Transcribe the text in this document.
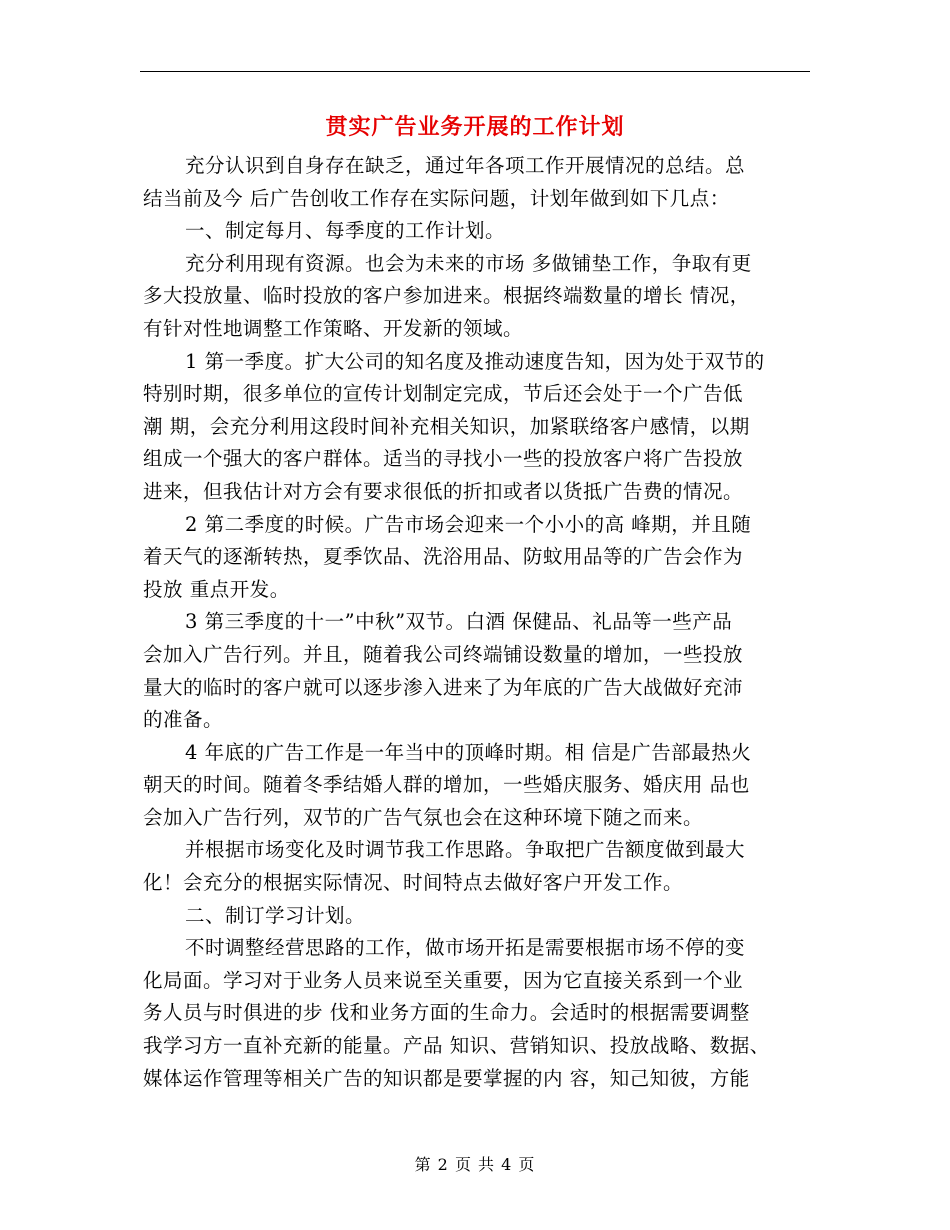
贯实广告业务开展的工作计划
充分认识到自身存在缺乏，通过年各项工作开展情况的总结。总
结当前及今 后广告创收工作存在实际问题，计划年做到如下几点：
一、制定每月、每季度的工作计划。
充分利用现有资源。也会为未来的市场 多做铺垫工作，争取有更
多大投放量、临时投放的客户参加进来。根据终端数量的增长 情况，
有针对性地调整工作策略、开发新的领域。
1 第一季度。扩大公司的知名度及推动速度告知，因为处于双节的
特别时期，很多单位的宣传计划制定完成，节后还会处于一个广告低
潮 期，会充分利用这段时间补充相关知识，加紧联络客户感情，以期
组成一个强大的客户群体。适当的寻找小一些的投放客户将广告投放
进来，但我估计对方会有要求很低的折扣或者以货抵广告费的情况。
2 第二季度的时候。广告市场会迎来一个小小的高 峰期，并且随
着天气的逐渐转热，夏季饮品、洗浴用品、防蚊用品等的广告会作为
投放 重点开发。
3 第三季度的十一”中秋”双节。白酒 保健品、礼品等一些产品
会加入广告行列。并且，随着我公司终端铺设数量的增加，一些投放
量大的临时的客户就可以逐步渗入进来了为年底的广告大战做好充沛
的准备。
4 年底的广告工作是一年当中的顶峰时期。相 信是广告部最热火
朝天的时间。随着冬季结婚人群的增加，一些婚庆服务、婚庆用 品也
会加入广告行列，双节的广告气氛也会在这种环境下随之而来。
并根据市场变化及时调节我工作思路。争取把广告额度做到最大
化！会充分的根据实际情况、时间特点去做好客户开发工作。
二、制订学习计划。
不时调整经营思路的工作，做市场开拓是需要根据市场不停的变
化局面。学习对于业务人员来说至关重要，因为它直接关系到一个业
务人员与时俱进的步 伐和业务方面的生命力。会适时的根据需要调整
我学习方一直补充新的能量。产品 知识、营销知识、投放战略、数据、
媒体运作管理等相关广告的知识都是要掌握的内 容，知己知彼，方能
第 2 页 共 4 页
